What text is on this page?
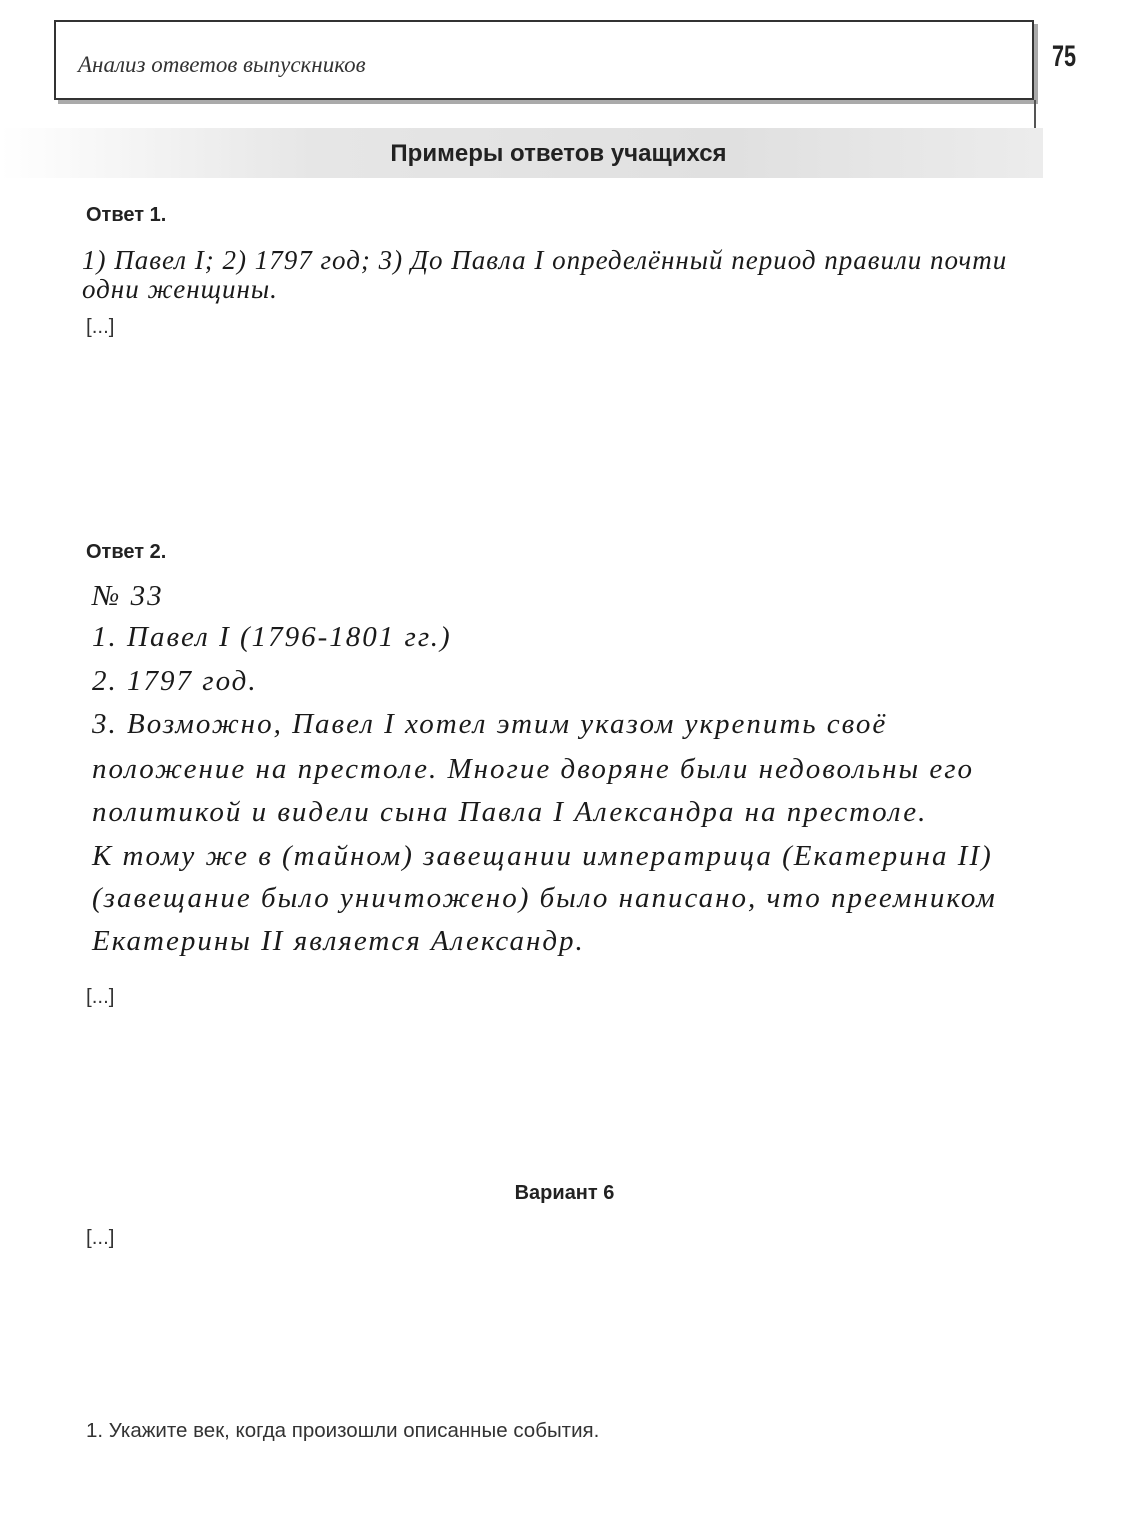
Анализ ответов выпускников	75
Примеры ответов учащихся
Ответ 1.
1) Павел I; 2) 1797 год; 3) До Павла I определённый период правили почти
одни женщины.

[...]

Ответ 2.
№ 33
1. Павел I (1796-1801 гг.)
2. 1797 год.
3. Возможно, Павел I хотел этим указом укрепить своё
положение на престоле. Многие дворяне были недовольны его
политикой и видели сына Павла I Александра на престоле.
К тому же в (тайном) завещании императрица (Екатерина II)
(завещание было уничтожено) было написано, что преемником
Екатерины II является Александр.

[...]

Вариант 6

[...]

1. Укажите век, когда произошли описанные события.
